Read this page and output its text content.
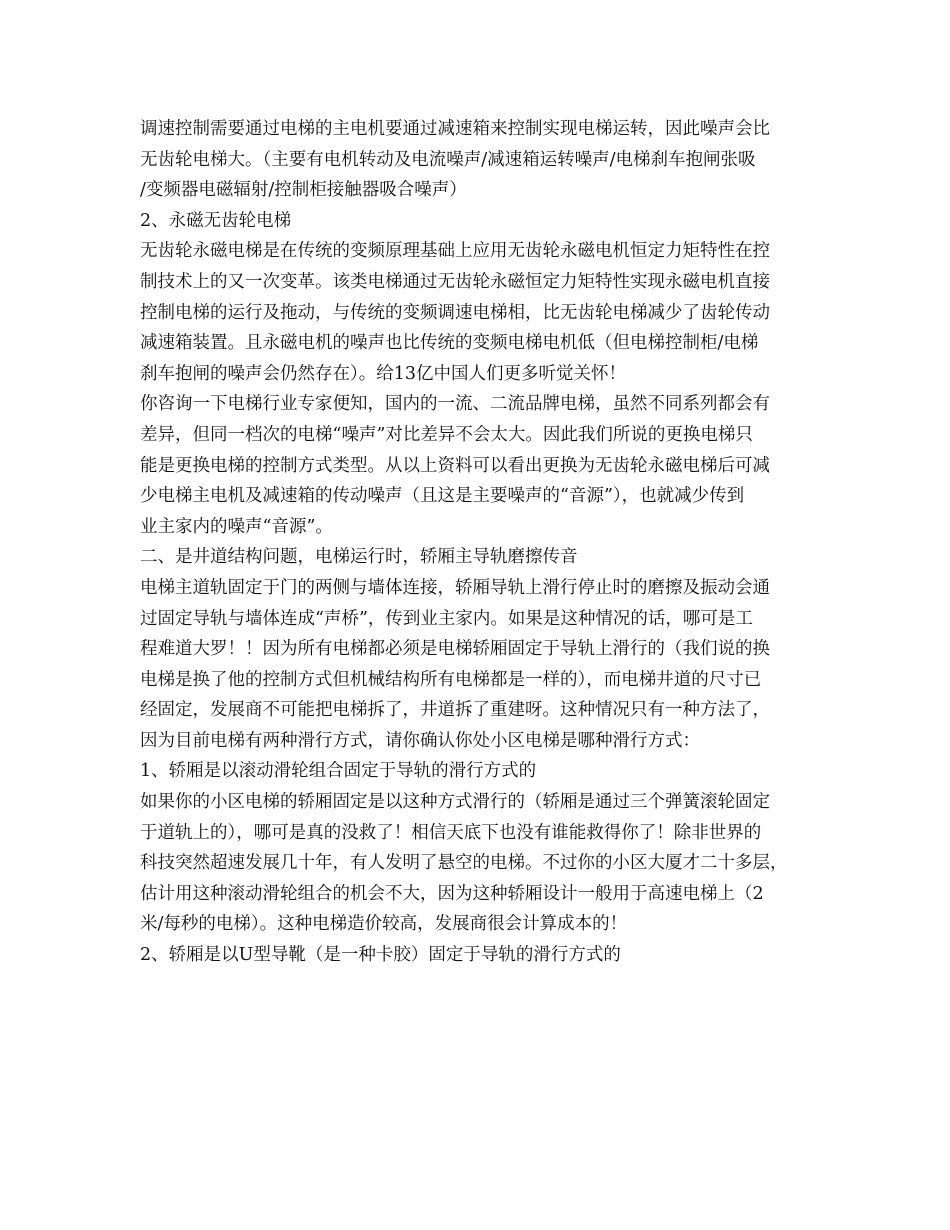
调速控制需要通过电梯的主电机要通过减速箱来控制实现电梯运转，因此噪声会比
无齿轮电梯大。（主要有电机转动及电流噪声/减速箱运转噪声/电梯刹车抱闸张吸
/变频器电磁辐射/控制柜接触器吸合噪声）
2、永磁无齿轮电梯
无齿轮永磁电梯是在传统的变频原理基础上应用无齿轮永磁电机恒定力矩特性在控
制技术上的又一次变革。该类电梯通过无齿轮永磁恒定力矩特性实现永磁电机直接
控制电梯的运行及拖动，与传统的变频调速电梯相，比无齿轮电梯减少了齿轮传动
减速箱装置。且永磁电机的噪声也比传统的变频电梯电机低（但电梯控制柜/电梯
刹车抱闸的噪声会仍然存在）。给13亿中国人们更多听觉关怀！
你咨询一下电梯行业专家便知，国内的一流、二流品牌电梯，虽然不同系列都会有
差异，但同一档次的电梯“噪声”对比差异不会太大。因此我们所说的更换电梯只
能是更换电梯的控制方式类型。从以上资料可以看出更换为无齿轮永磁电梯后可减
少电梯主电机及减速箱的传动噪声（且这是主要噪声的“音源”），也就减少传到
业主家内的噪声“音源”。
二、是井道结构问题，电梯运行时，轿厢主导轨磨擦传音
电梯主道轨固定于门的两侧与墙体连接，轿厢导轨上滑行停止时的磨擦及振动会通
过固定导轨与墙体连成“声桥”，传到业主家内。如果是这种情况的话，哪可是工
程难道大罗！！因为所有电梯都必须是电梯轿厢固定于导轨上滑行的（我们说的换
电梯是换了他的控制方式但机械结构所有电梯都是一样的），而电梯井道的尺寸已
经固定，发展商不可能把电梯拆了，井道拆了重建呀。这种情况只有一种方法了，
因为目前电梯有两种滑行方式，请你确认你处小区电梯是哪种滑行方式：
1、轿厢是以滚动滑轮组合固定于导轨的滑行方式的
如果你的小区电梯的轿厢固定是以这种方式滑行的（轿厢是通过三个弹簧滚轮固定
于道轨上的），哪可是真的没救了！相信天底下也没有谁能救得你了！除非世界的
科技突然超速发展几十年，有人发明了悬空的电梯。不过你的小区大厦才二十多层，
估计用这种滚动滑轮组合的机会不大，因为这种轿厢设计一般用于高速电梯上（2
米/每秒的电梯）。这种电梯造价较高，发展商很会计算成本的！
2、轿厢是以U型导靴（是一种卡胶）固定于导轨的滑行方式的
